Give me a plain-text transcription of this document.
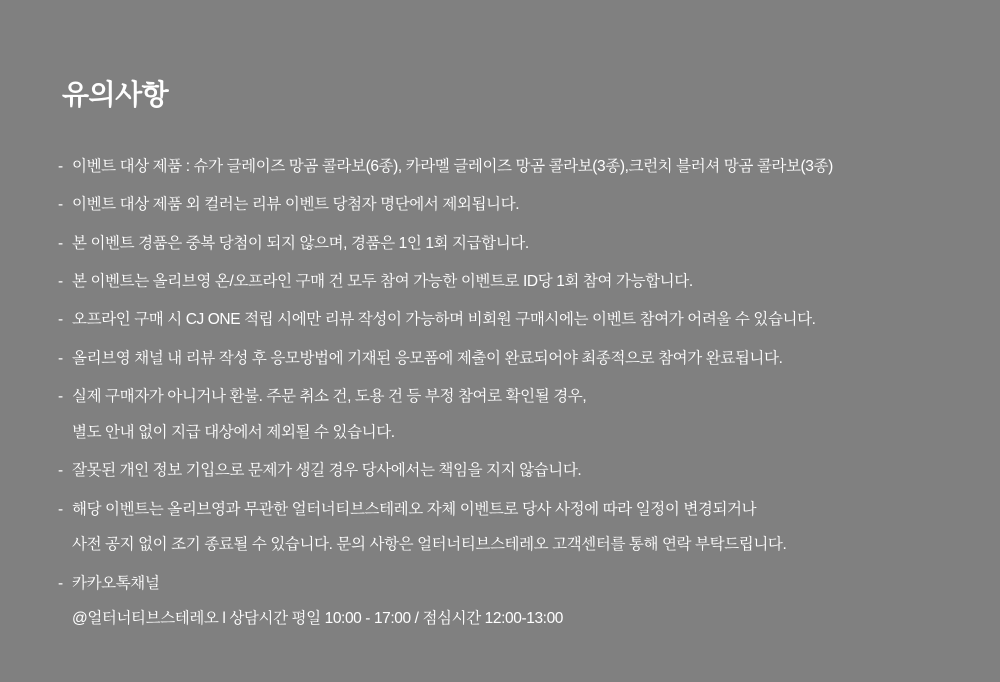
유의사항
- 이벤트 대상 제품 : 슈가 글레이즈 망곰 콜라보(6종), 카라멜 글레이즈 망곰 콜라보(3종),크런치 블러셔 망곰 콜라보(3종)
- 이벤트 대상 제품 외 컬러는 리뷰 이벤트 당첨자 명단에서 제외됩니다.
- 본 이벤트 경품은 중복 당첨이 되지 않으며, 경품은 1인 1회 지급합니다.
- 본 이벤트는 올리브영 온/오프라인 구매 건 모두 참여 가능한 이벤트로 ID당 1회 참여 가능합니다.
- 오프라인 구매 시 CJ ONE 적립 시에만 리뷰 작성이 가능하며 비회원 구매시에는 이벤트 참여가 어려울 수 있습니다.
- 올리브영 채널 내 리뷰 작성 후 응모방법에 기재된 응모폼에 제출이 완료되어야 최종적으로 참여가 완료됩니다.
- 실제 구매자가 아니거나 환불. 주문 취소 건, 도용 건 등 부정 참여로 확인될 경우,
별도 안내 없이 지급 대상에서 제외될 수 있습니다.
- 잘못된 개인 정보 기입으로 문제가 생길 경우 당사에서는 책임을 지지 않습니다.
- 해당 이벤트는 올리브영과 무관한 얼터너티브스테레오 자체 이벤트로 당사 사정에 따라 일정이 변경되거나
사전 공지 없이 조기 종료될 수 있습니다. 문의 사항은 얼터너티브스테레오 고객센터를 통해 연락 부탁드립니다.
- 카카오톡채널
@얼터너티브스테레오 l 상담시간 평일 10:00 - 17:00 / 점심시간 12:00-13:00
